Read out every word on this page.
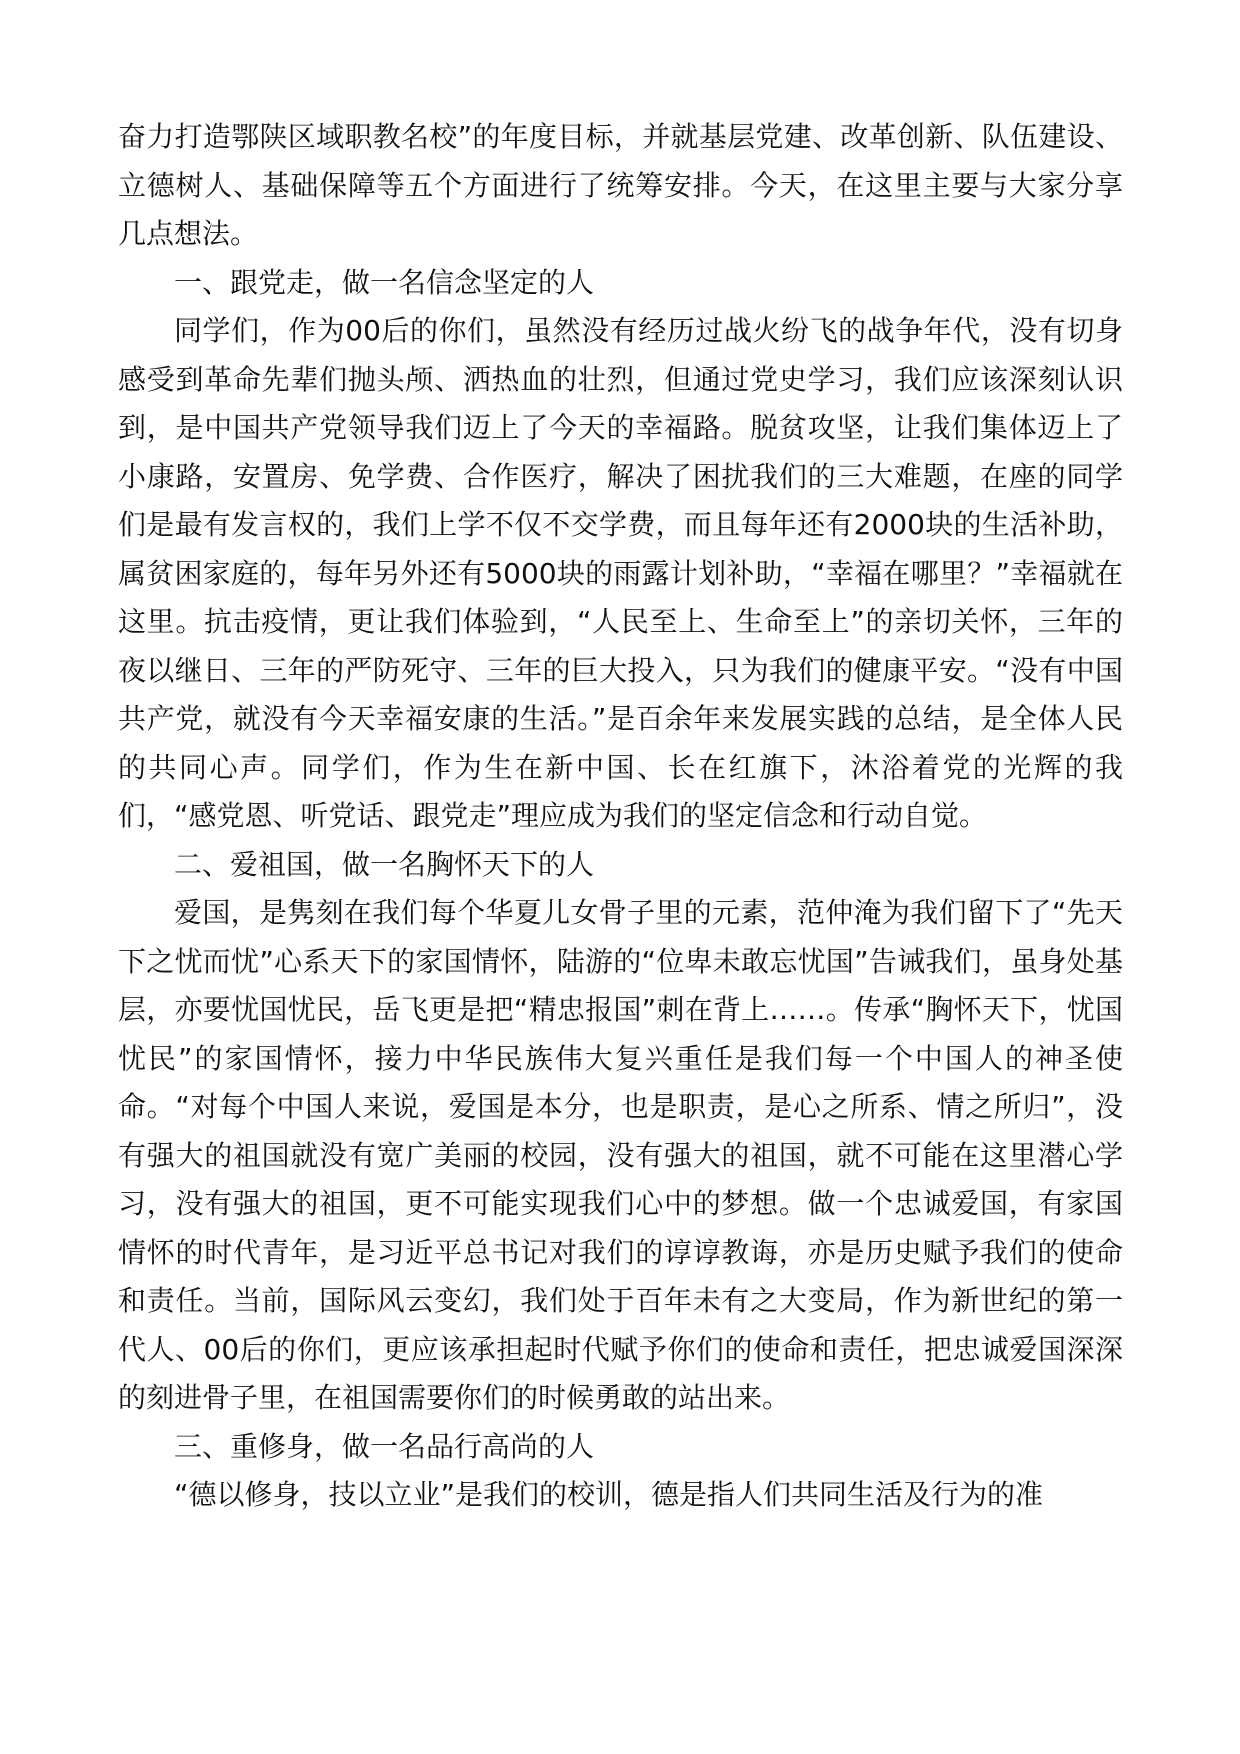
奋力打造鄂陕区域职教名校”的年度目标，并就基层党建、改革创新、队伍建设、立德树人、基础保障等五个方面进行了统筹安排。今天，在这里主要与大家分享几点想法。

一、跟党走，做一名信念坚定的人

同学们，作为00后的你们，虽然没有经历过战火纷飞的战争年代，没有切身感受到革命先辈们抛头颅、洒热血的壮烈，但通过党史学习，我们应该深刻认识到，是中国共产党领导我们迈上了今天的幸福路。脱贫攻坚，让我们集体迈上了小康路，安置房、免学费、合作医疗，解决了困扰我们的三大难题，在座的同学们是最有发言权的，我们上学不仅不交学费，而且每年还有2000块的生活补助，属贫困家庭的，每年另外还有5000块的雨露计划补助，“幸福在哪里？”幸福就在这里。抗击疫情，更让我们体验到，“人民至上、生命至上”的亲切关怀，三年的夜以继日、三年的严防死守、三年的巨大投入，只为我们的健康平安。“没有中国共产党，就没有今天幸福安康的生活。”是百余年来发展实践的总结，是全体人民的共同心声。同学们，作为生在新中国、长在红旗下，沐浴着党的光辉的我们，“感党恩、听党话、跟党走”理应成为我们的坚定信念和行动自觉。

二、爱祖国，做一名胸怀天下的人

爱国，是隽刻在我们每个华夏儿女骨子里的元素，范仲淹为我们留下了“先天下之忧而忧”心系天下的家国情怀，陆游的“位卑未敢忘忧国”告诫我们，虽身处基层，亦要忧国忧民，岳飞更是把“精忠报国”刺在背上……。传承“胸怀天下，忧国忧民”的家国情怀，接力中华民族伟大复兴重任是我们每一个中国人的神圣使命。“对每个中国人来说，爱国是本分，也是职责，是心之所系、情之所归”，没有强大的祖国就没有宽广美丽的校园，没有强大的祖国，就不可能在这里潜心学习，没有强大的祖国，更不可能实现我们心中的梦想。做一个忠诚爱国，有家国情怀的时代青年，是习近平总书记对我们的谆谆教诲，亦是历史赋予我们的使命和责任。当前，国际风云变幻，我们处于百年未有之大变局，作为新世纪的第一代人、00后的你们，更应该承担起时代赋予你们的使命和责任，把忠诚爱国深深的刻进骨子里，在祖国需要你们的时候勇敢的站出来。

三、重修身，做一名品行高尚的人

“德以修身，技以立业”是我们的校训，德是指人们共同生活及行为的准
